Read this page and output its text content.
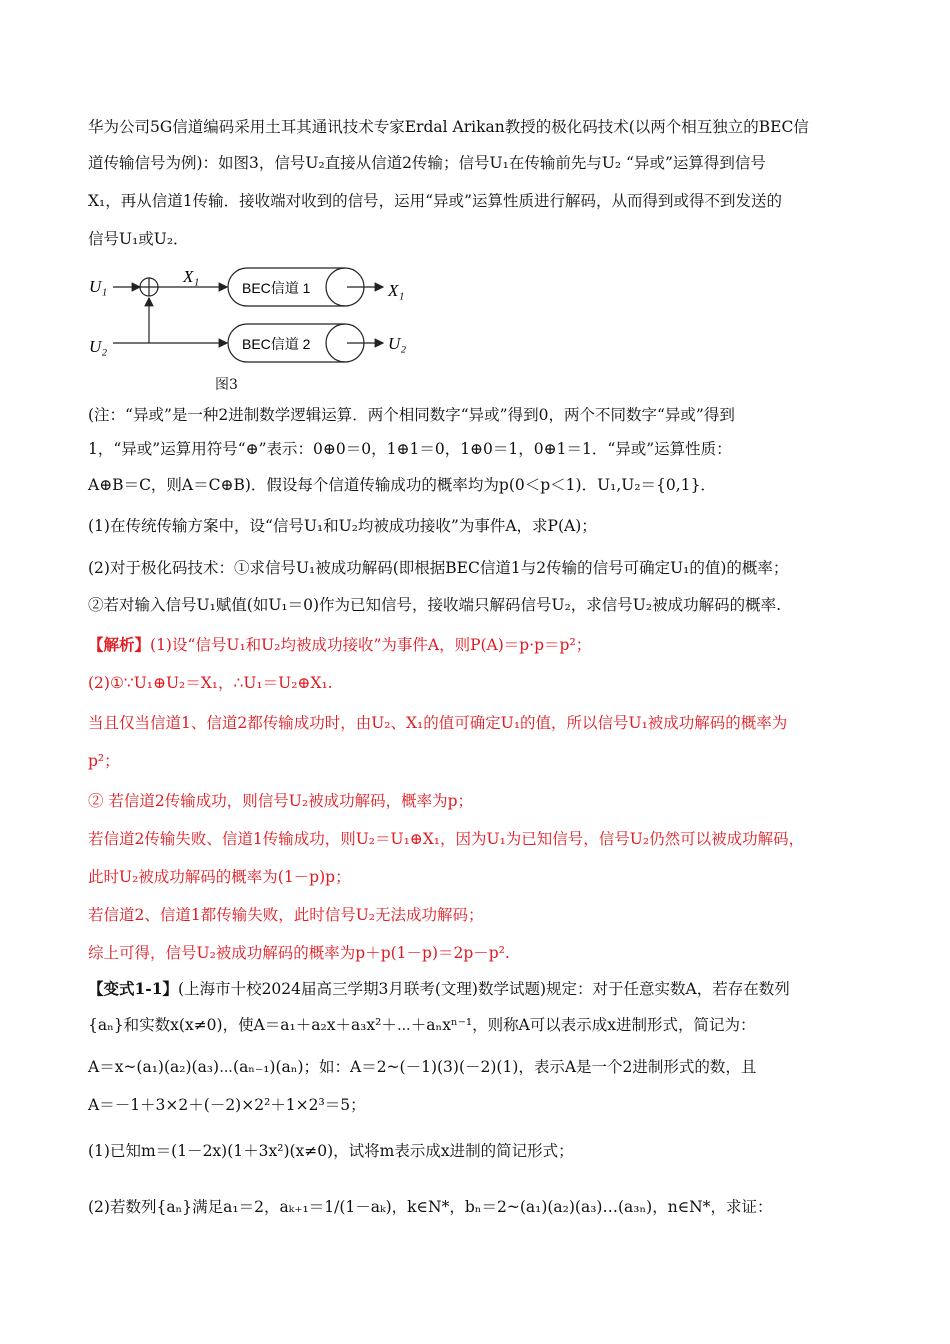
华为公司5G信道编码采用土耳其通讯技术专家Erdal Arikan教授的极化码技术(以两个相互独立的BEC信
道传输信号为例)：如图3，信号U₂直接从信道2传输；信号U₁在传输前先与U₂ “异或”运算得到信号
X₁，再从信道1传输．接收端对收到的信号，运用“异或”运算性质进行解码，从而得到或得不到发送的
信号U₁或U₂．
U₁
U₂
X₁
BEC信道 1	X₁
BEC信道 2	U₂
图3
(注：“异或”是一种2进制数学逻辑运算．两个相同数字“异或”得到0，两个不同数字“异或”得到
1，“异或”运算用符号“⊕”表示：0⊕0＝0，1⊕1＝0，1⊕0＝1，0⊕1＝1．“异或”运算性质：
A⊕B＝C，则A＝C⊕B)．假设每个信道传输成功的概率均为p(0＜p＜1)．U₁,U₂＝{0,1}．
(1)在传统传输方案中，设“信号U₁和U₂均被成功接收”为事件A，求P(A)；
(2)对于极化码技术：①求信号U₁被成功解码(即根据BEC信道1与2传输的信号可确定U₁的值)的概率；
②若对输入信号U₁赋值(如U₁＝0)作为已知信号，接收端只解码信号U₂，求信号U₂被成功解码的概率.
【解析】(1)设“信号U₁和U₂均被成功接收”为事件A，则P(A)＝p·p＝p²；
(2)①∵U₁⊕U₂＝X₁，∴U₁＝U₂⊕X₁.
当且仅当信道1、信道2都传输成功时，由U₂、X₁的值可确定U₁的值，所以信号U₁被成功解码的概率为
p²；
② 若信道2传输成功，则信号U₂被成功解码，概率为p；
若信道2传输失败、信道1传输成功，则U₂＝U₁⊕X₁，因为U₁为已知信号，信号U₂仍然可以被成功解码，
此时U₂被成功解码的概率为(1－p)p；
若信道2、信道1都传输失败，此时信号U₂无法成功解码；
综上可得，信号U₂被成功解码的概率为p＋p(1－p)＝2p－p².
【变式1-1】(上海市十校2024届高三学期3月联考(文理)数学试题)规定：对于任意实数A，若存在数列
{aₙ}和实数x(x≠0)，使A＝a₁＋a₂x＋a₃x²＋⋯＋aₙxⁿ⁻¹，则称A可以表示成x进制形式，简记为：
A＝x~(a₁)(a₂)(a₃)⋯(aₙ₋₁)(aₙ)；如：A＝2~(－1)(3)(－2)(1)，表示A是一个2进制形式的数，且
A＝－1＋3×2＋(－2)×2²＋1×2³＝5；
(1)已知m＝(1－2x)(1＋3x²)(x≠0)，试将m表示成x进制的简记形式；
(2)若数列{aₙ}满足a₁＝2，aₖ₊₁＝1/(1－aₖ)，k∈N*，bₙ＝2~(a₁)(a₂)(a₃)…(a₃ₙ)，n∈N*，求证：
